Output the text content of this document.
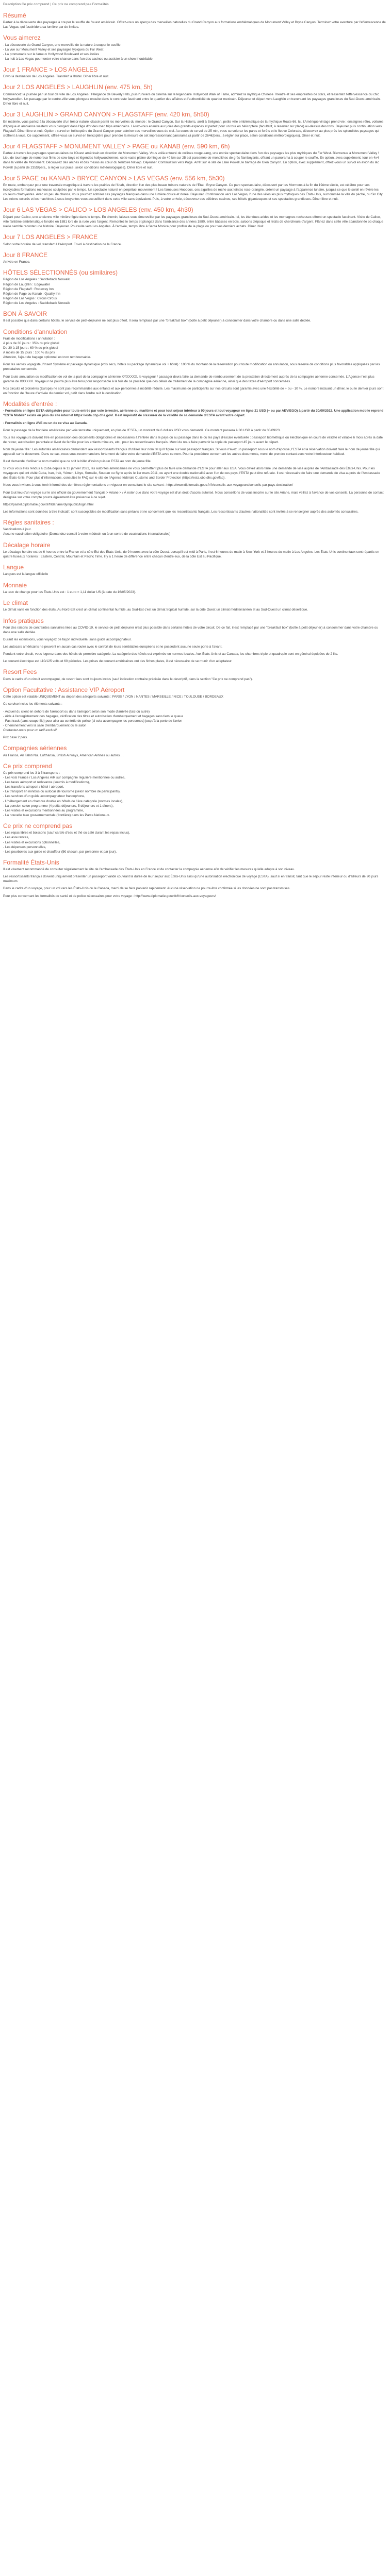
Description Ce prix comprend | Ce prix ne comprend pas Formalités

Résumé

Partez à la découverte des paysages à couper le souffle de l'ouest américain. Offrez-vous un aperçu des merveilles naturelles du Grand Canyon aux formations emblématiques de Monument Valley et Bryce Canyon. Terminez votre aventure par l'effervescence de Las Vegas, qui fascinidera sa lumière par de limites.

Vous aimerez
- La découverte du Grand Canyon, une merveille de la nature à couper le souffle
- La vue sur Monument Valley et ses paysages typiques du Far West
- La promenade sur le fameux Hollywood Boulevard et ses étoiles
- La nuit à Las Vegas pour tenter votre chance dans l'un des casinos ou assister à un show inoubliable
Jour 1 FRANCE > LOS ANGELES

Envol à destination de Los Angeles. Transfert à l'hôtel. Dîner libre et nuit.

Jour 2 LOS ANGELES > LAUGHLIN (env. 475 km, 5h)

Commencez la journée par un tour de ville de Los Angeles : l'élégance de Beverly Hills, puis l'univers du cinéma sur le légendaire Hollywood Walk of Fame, admirez la mythique Chinese Theatre et ses empreintes de stars, et ressentez l'effervescence du chic hollywoodien. Un passage par le centre-ville vous plongera ensuite dans le contraste fascinant entre le quartier des affaires et l'authenticité du quartier mexicain. Déjeuner et départ vers Laughlin en traversant les paysages grandioses du Sud-Ouest américain. Dîner libre et nuit.

Jour 3 LAUGHLIN > GRAND CANYON > FLAGSTAFF (env. 420 km, 5h50)

En matinée, vous partez à la découverte d'un trésor naturel classé parmi les merveilles du monde : le Grand Canyon. Sur la Historic, arrêt à Seligman, petite ville emblématique de la mythique Route 66. Ici, l'Amérique vintage prend vie : enseignes rétro, voitures d'époque et ambiance western vous plongent dans l'âge d'or des road trips américains. Livrez-vous ensuite aux joies des grands espaces et partez pour un tour en hélicoptère (facultatif, à réserver sur place) au-dessus des tons. Déjeuner puis continuation vers Flagstaff. Dîner libre et nuit. Option : survol en hélicoptère du Grand Canyon pour admirer ses merveilles vues du ciel. Au cours de ce vol de 25 min, vous survolerez les parcs et forêts et le fleuve Colorado, découvrez au plus près les splendides paysages qui s'offrent à vous. Ce supplément, offrez-vous un survol en hélicoptère pour prendre la mesure de cet impressionnant panorama (à partir de 264€/pers., à régler sur place, selon conditions météorologiques). Dîner et nuit.

Jour 4 FLAGSTAFF > MONUMENT VALLEY > PAGE ou KANAB (env. 590 km, 6h)

Partez à travers les paysages spectaculaires de l'Ouest américain en direction de Monument Valley. Vous voilà entouré de collines rouge-sang, une entrée spectaculaire dans l'un des paysages les plus mythiques du Far West. Bienvenue à Monument Valley ! Lieu de tournage de nombreux films de cow-boys et légendes hollywoodiennes, cette vaste plaine domingue de 40 km sur 25 est parsemée de monolithes de grès flamboyants, offrant un panorama à couper le souffle. En option, avec supplément, tour en 4x4 dans la vallée de Monument. Découvrez des arches et des mesas au cœur du territoire Navajo. Déjeuner. Continuation vers Page. Arrêt sur le site de Lake Powell, le barrage de Glen Canyon. En option, avec supplément, offrez-vous un survol en avion du lac Powell (à partir de 235$/pers., à régler sur place, selon conditions météorologiques). Dîner libre et nuit.

Jour 5 PAGE ou KANAB > BRYCE CANYON > LAS VEGAS (env. 556 km, 5h30)

En route, embarquez pour une traversée magnifique à travers les prairies de l'Utah, direction l'un des plus beaux trésors naturels de l'Etat : Bryce Canyon. Ce parc spectaculaire, découvert par les Mormons à la fin du 19ème siècle, est célèbre pour ses incroyables formations rocheuses sculptées par le temps. Un spectacle naturel en perpétuel mouvement ! Les fameuses Hoodoos, ces aiguilles de roche aux teintes rose-orangée, créent un paysage à l'apparence lunaire, jusqu'à ce que le soleil en révèle les couleurs chatoyantes. Avec un peu de chance, vous pourriez admirer ces paysages féeriques dans une lumière douce et dorée. Déjeuner. Continuation vers Las Vegas, l'une des villes les plus mythiques des États-Unis, surnommée la ville du péché, ou Sin City. Les néons colorés et les machines à sous bruyantes vous accueillent dans cette ville sans équivalent. Puis, à votre arrivée, découvrez ses célèbres casinos, ses hôtels gigantesques et ses spectacles grandioses. Dîner libre et nuit.

Jour 6 LAS VEGAS > CALICO > LOS ANGELES (env. 450 km, 4h30)

Départ pour Calico, une ancienne ville minière figée dans le temps. En chemin, laissez-vous émerveiller par les paysages grandioses du Sud-Ouest américain. Ici, les étendues arides et les montagnes rocheuses offrent un spectacle fascinant. Visite de Calico, ville fantôme emblématique fondée en 1881 lors de la ruée vers l'argent. Remontez le temps et plongez dans l'ambiance des années 1880, entre bâtisses en bois, saloons d'époque et récits de chercheurs d'argent. Flânez dans cette ville abandonnée où chaque ruelle semble raconter une histoire. Déjeuner. Poursuite vers Los Angeles. À l'arrivée, temps libre à Santa Monica pour profiter de la plage ou pour vos derniers achats. Dîner. Nuit.

Jour 7 LOS ANGELES > FRANCE

Selon votre horaire de vol, transfert à l'aéroport. Envol à destination de la France.

Jour 8 FRANCE

Arrivée en France.

HÔTELS SÉLECTIONNÉS (ou similaires)
Région de Los Angeles : Saddleback Norwalk
Région de Laughlin : Edgewater
Région de Flagstaff : Rodeway Inn
Région de Page ou Kanab : Quality Inn
Région de Las Vegas : Circus Circus
Région de Los Angeles : Saddleback Norwalk
BON À SAVOIR

Il est possible que dans certains hôtels, le service de petit-déjeuner ne soit plus offert. Il sera remplacé par une "breakfast box" (boîte à petit déjeuner) à consommer dans votre chambre ou dans une salle dédiée.

Conditions d'annulation
Frais de modifications / annulation :
A plus de 30 jours : 35% du prix global
De 30 à 15 jours : 60 % du prix global
A moins de 15 jours : 100 % du prix
Attention, l'ajout de bagage optionnel est non remboursable.

Pour les ventes voyagiste, l'Insert Système et package dynamique (vols secs, hôtels ou package dynamique vol + hôtel) : 100 % du montant de la réservation pour toute modification ou annulation, sous réserve de conditions plus favorables appliquées par les prestataires concernés.

Pour toute annulation ou modification de vol de la part de la compagnie aérienne XYXXXXX, le voyageur / passager devra faire sa demande de remboursement de la prestation directement auprès de la compagnie aérienne concernée. L'Agence n'est plus garante de XXXXXX. Voyageur ne pourra plus être tenu pour responsable à la fois de ce procédé que des délais de traitement de la compagnie aérienne, ainsi que des taxes d'aéroport concernées.

Nos circuits et croisières (Europe) ne sont pas recommandés aux enfants et aux personnes à mobilité réduite. Les maximums de participants sur nos circuits sont garantis avec une flexibilité de + ou - 10 %. Le nombre incluant un dîner, le ou le dernier jours sont en fonction de l'heure d'arrivée du dernier vol, petit dans l'ordre suit le destination.

Modalités d'entrée :

- Formalités en ligne ESTA obligatoire pour toute entrée par voie terrestre, aérienne ou maritime et pour tout séjour inférieur à 90 jours et tout voyageur en ligne 21 USD (+ ou par AEVIEGO) à partir du 30/09/2022. Une application mobile reprend "ESTA Mobile" existe en plus du site internet https://esta.cbp.dhs.gov/. Il est impératif de s'assurer de la validité de sa demande d'ESTA avant votre départ.

- Formalités en ligne AVE ou un de ce visa au Canada.

Pour le passage de la frontière américaine par voie terrestre uniquement, en plus de l'ESTA, un montant de 6 dollars USD vous demandé. Ce montant passera à 30 USD à partir du 30/09/23.

Tous les voyageurs doivent être en possession des documents obligatoires et nécessaires à l'entrée dans le pays ou au passage dans le ou les pays d'escale éventuelle : passeport biométrique ou électronique en cours de validité et valable 6 mois après la date de retour, autorisation parentale et livret de famille pour les enfants mineurs, etc., pour les ressortissants français. Merci de nous faire parvenir la copie du passeport 45 jours avant le départ.

Nom de jeune fille : Les autorités américaines demandent aux ressortissants français d'utiliser leur nom tel qu'il figure sur leur passeport français. Si vous n'avez un passeport sous le nom d'épouse, l'ESTA et la réservation doivent faire le nom de jeune fille qui apparaît sur le document. Dans ce cas, nous vous recommandons fortement de faire votre demande d'ESTA avec ce nom. Pour la procédure concernant les autres documents, merci de prendre contact avec votre interlocuteur habituel.

Il est demandé d'utiliser le nom marital que ce soit le billet d'avion puis un ESTA au nom de jeune fille.

Si vous vous êtes rendus à Cuba depuis le 12 janvier 2021, les autorités américaines ne vous permettent plus de faire une demande d'ESTA pour aller aux USA. Vous devez alors faire une demande de visa auprès de l'Ambassade des États-Unis. Pour les voyageurs qui ont visité Cuba, Iran, Irak, Yémen, Libye, Somalie, Soudan ou Syrie après le 1er mars 2011, ou ayant une double nationalité avec l'un de ces pays, l'ESTA peut être refusée. Il est nécessaire de faire une demande de visa auprès de l'Ambassade des États-Unis. Pour plus d'informations, consultez le FAQ sur le site de l'Agence fédérale Customs and Border Protection (https://esta.cbp.dhs.gov/faq).

Nous vous invitons à vous tenir informé des dernières réglementations en vigueur en consultant le site suivant : https://www.diplomatie.gouv.fr/fr/conseils-aux-voyageurs/conseils-par-pays-destination/

Pour tout lieu d'un voyage sur le site officiel du gouvernement français > Ariane > / À noter que dans votre voyage est d'un droit d'accès autorisé. Nous conseillons de vous inscrire sur le site Ariane, mais veillez à l'avance de vos conseils. La personne de contact désignée sur votre compte pourra également être prévenue à ce sujet.

https://pastel.diplomatie.gouv.fr/fildariane/dyn/public/login.html

Les informations sont données à titre indicatif, sont susceptibles de modification sans préavis et ne concernent que les ressortissants français. Les ressortissants d'autres nationalités sont invités à se renseigner auprès des autorités consulaires.

Règles sanitaires :
Vaccinations à jour.
Aucune vaccination obligatoire (Demandez conseil à votre médecin ou à un centre de vaccinations internationales)
Décalage horaire

Le décalage horaire est de 6 heures entre la France et la côte Est des États-Unis, de 9 heures avec la côte Ouest. Lorsqu'il est midi à Paris, il est 6 heures du matin à New-York et 3 heures du matin à Los Angeles. Les États-Unis continentaux sont répartis en quatre fuseaux horaires : Eastern, Central, Mountain et Pacific Time. Il y a 1 heure de différence entre chacun d'entre eux, de la côte Est au Pacifique.

Langue

Langues est la langue officielle

Monnaie

La taux de change pour les États-Unis est : 1 euro = 1,11 dollar US (à date du 16/05/2023).

Le climat

Le climat varie en fonction des états. Au Nord-Est c'est un climat continental humide, au Sud-Est c'est un climat tropical humide, sur la côte Ouest un climat méditerranéen et au Sud-Ouest un climat désertique.

Infos pratiques

Pour des raisons de contraintes sanitaires liées au COVID-19, le service de petit déjeuner n'est plus possible dans certains hôtels de votre circuit. De ce fait, il est remplacé par une "breakfast box" (boîte à petit déjeuner) à consommer dans votre chambre ou dans une salle dédiée.

Durant les extensions, vous voyagez de façon individuelle, sans guide accompagnateur.

Les autocars américains ne peuvent en aucun cas rouler avec le confort de leurs semblables européens et ne possèdent aucune seule porte à l'avant.

Pendant votre circuit, vous logerez dans des hôtels de première catégorie. La catégorie des hôtels est exprimée en normes locales. Aux États-Unis et au Canada, les chambres triple et quadruple sont en général équipées de 2 lits.

Le courant électrique est 110/125 volts et 60 périodes. Les prises de courant américaines ont des fiches plates, il est nécessaire de se munir d'un adaptateur.

Resort Fees

Dans le cadre d'un circuit accompagné, de resort fees sont toujours inclus (sauf indication contraire précisée dans le descriptif, dans la section "Ce prix ne comprend pas").

Option Facultative : Assistance VIP Aéroport

Cette option est valable UNIQUEMENT au départ des aéroports suivants : PARIS / LYON / NANTES / MARSEILLE / NICE / TOULOUSE / BORDEAUX

Ce service inclus les éléments suivants :

- Accueil du client en dehors de l'aéroport ou dans l'aéroport selon son mode d'arrivée (taxi ou autre)
- Aide à l'enregistrement des bagages, vérification des titres et autorisation d'embarquement et bagages sans tiers le queue
- Fast track (sans coupe file) pour aller au contrôle de police (si cela accompagne les personnes) jusqu'à la porte de l'avion
- Cheminement vers la salle d'embarquement ou le salon
Contactez-nous pour un tarif exclusif

Prix base 2 pers.

Compagnies aériennes

Air France, Air Tahiti Nui, Lufthansa, British Airways, American Airlines ou autres ...

Ce prix comprend
Ce prix comprend les 3 à 5 transports :
- Les vols France / Los Angeles A/R sur compagnie régulière mentionnée ou autres,
- Les taxes aéroport et redevance (soumis à modifications),
- Les transferts aéroport / hôtel / aéroport,
- Le transport en minibus ou autocar de tourisme (selon nombre de participants),
- Les services d'un guide accompagnateur francophone,
- L'hébergement en chambre double en hôtels de 1ère catégorie (normes locales),
- La pension selon programme (4 petits-déjeuners, 5 déjeuners et 1 dîners),
- Les visites et excursions mentionnées au programme,
- La nouvelle taxe gouvernementale (frontière) dans les Parcs Nationaux.
Ce prix ne comprend pas
- Les repas libres et boissons (sauf carafe d'eau et thé ou café durant les repas inclus),
- Les assurances,
- Les visites et excursions optionnelles,
- Les dépenses personnelles,
- Les pourboires aux guide et chauffeur (5€ chacun, par personne et par jour).
Formalité États-Unis

Il est vivement recommandé de consulter régulièrement le site de l'ambassade des États-Unis en France et de contacter la compagnie aérienne afin de vérifier les mesures qu'elle adopte à son niveau.

Les ressortissants français doivent uniquement présenter un passeport valide couvrant la durée de leur séjour aux États-Unis ainsi qu'une autorisation électronique de voyage (ESTA), sauf si en transit, tant que le séjour reste inférieur ou d'ailleurs de 90 jours maximum.

Dans le cadre d'un voyage, pour un vol vers les États-Unis ou le Canada, merci de se faire parvenir rapidement. Aucune réservation ne pourra être confirmée si les données ne sont pas transmises.

Pour plus concernant les formalités de santé et de police nécessaires pour votre voyage : http://www.diplomatie.gouv.fr/fr/conseils-aux-voyageurs/
